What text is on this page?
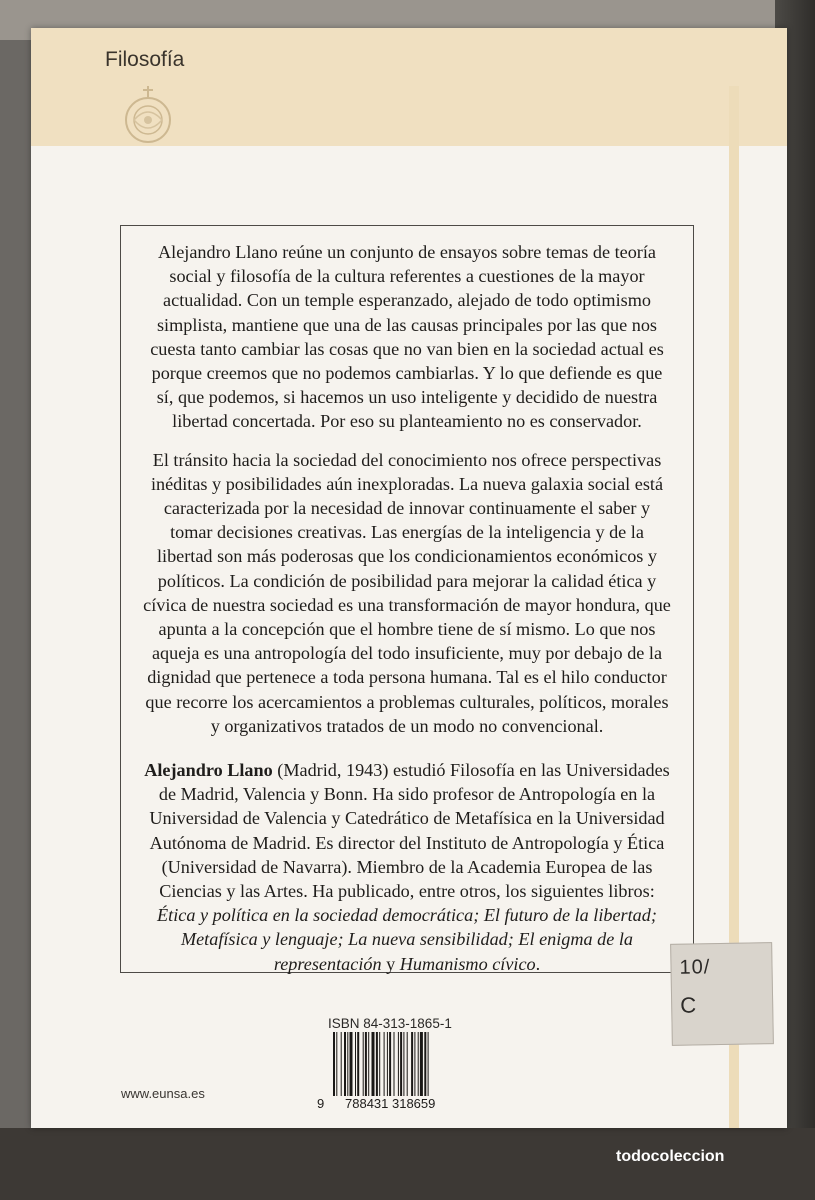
Filosofía

Alejandro Llano reúne un conjunto de ensayos sobre temas de teoría social y filosofía de la cultura referentes a cuestiones de la mayor actualidad. Con un temple esperanzado, alejado de todo optimismo simplista, mantiene que una de las causas principales por las que nos cuesta tanto cambiar las cosas que no van bien en la sociedad actual es porque creemos que no podemos cambiarlas. Y lo que defiende es que sí, que podemos, si hacemos un uso inteligente y decidido de nuestra libertad concertada. Por eso su planteamiento no es conservador.

El tránsito hacia la sociedad del conocimiento nos ofrece perspectivas inéditas y posibilidades aún inexploradas. La nueva galaxia social está caracterizada por la necesidad de innovar continuamente el saber y tomar decisiones creativas. Las energías de la inteligencia y de la libertad son más poderosas que los condicionamientos económicos y políticos. La condición de posibilidad para mejorar la calidad ética y cívica de nuestra sociedad es una transformación de mayor hondura, que apunta a la concepción que el hombre tiene de sí mismo. Lo que nos aqueja es una antropología del todo insuficiente, muy por debajo de la dignidad que pertenece a toda persona humana. Tal es el hilo conductor que recorre los acercamientos a problemas culturales, políticos, morales y organizativos tratados de un modo no convencional.

Alejandro Llano (Madrid, 1943) estudió Filosofía en las Universidades de Madrid, Valencia y Bonn. Ha sido profesor de Antropología en la Universidad de Valencia y Catedrático de Metafísica en la Universidad Autónoma de Madrid. Es director del Instituto de Antropología y Ética (Universidad de Navarra). Miembro de la Academia Europea de las Ciencias y las Artes. Ha publicado, entre otros, los siguientes libros: Ética y política en la sociedad democrática; El futuro de la libertad; Metafísica y lenguaje; La nueva sensibilidad; El enigma de la representación y Humanismo cívico.	10/
C
ISBN 84-313-1865-1
9	788431 318659
www.eunsa.es
todocoleccion
